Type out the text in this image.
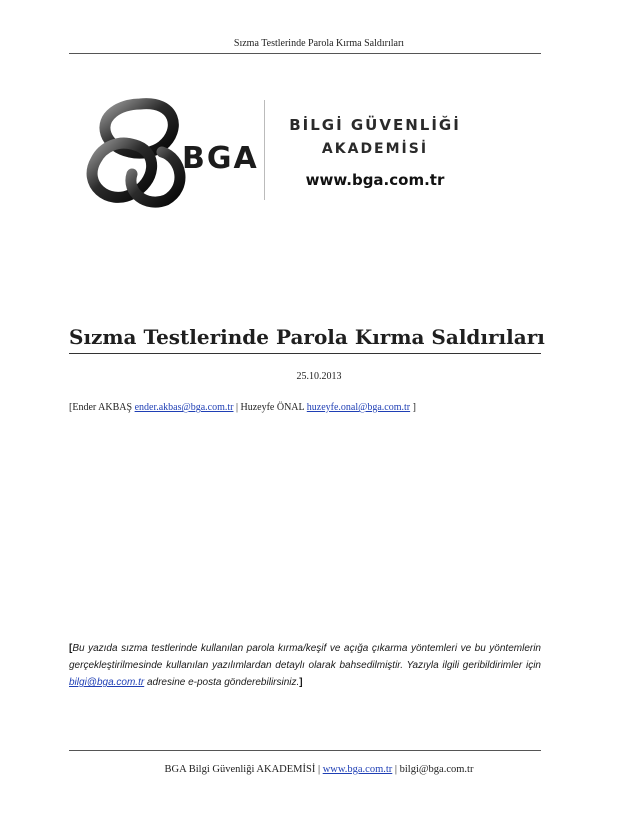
Sızma Testlerinde Parola Kırma Saldırıları
BGA
BİLGİ GÜVENLİĞİ
AKADEMİSİ
www.bga.com.tr
Sızma Testlerinde Parola Kırma Saldırıları
25.10.2013
[Ender AKBAŞ ender.akbas@bga.com.tr | Huzeyfe ÖNAL huzeyfe.onal@bga.com.tr ]
[Bu yazıda sızma testlerinde kullanılan parola kırma/keşif ve açığa çıkarma yöntemleri ve bu yöntemlerin gerçekleştirilmesinde kullanılan yazılımlardan detaylı olarak bahsedilmiştir. Yazıyla ilgili geribildirimler için bilgi@bga.com.tr adresine e-posta gönderebilirsiniz.]
BGA Bilgi Güvenliği AKADEMİSİ | www.bga.com.tr | bilgi@bga.com.tr
